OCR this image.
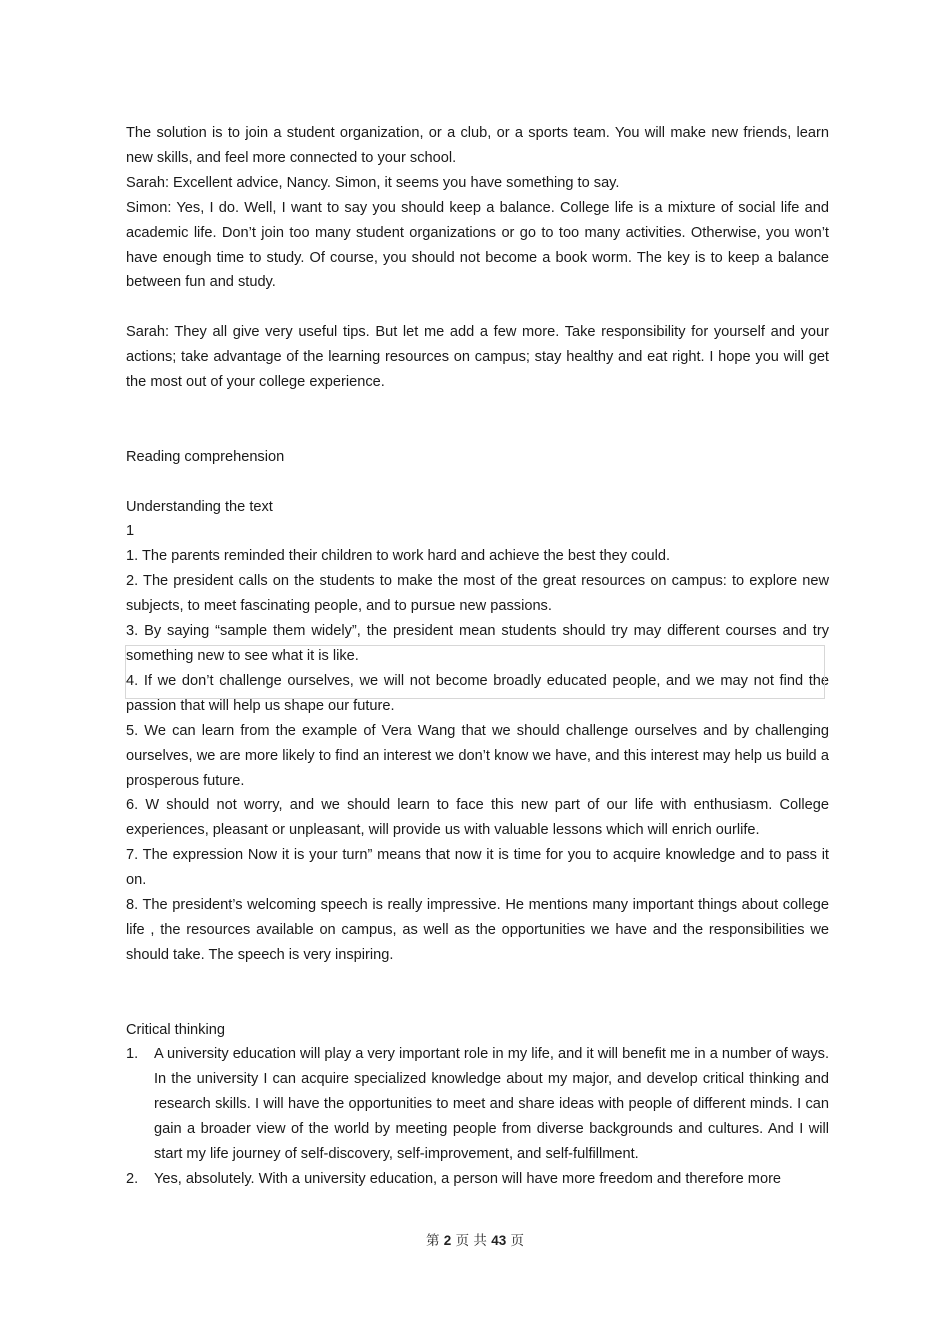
The solution is to join a student organization, or a club, or a sports team. You will make new friends, learn new skills, and feel more connected to your school.

Sarah: Excellent advice, Nancy. Simon, it seems you have something to say.

Simon: Yes, I do. Well, I want to say you should keep a balance. College life is a mixture of social life and academic life. Don’t join too many student organizations or go to too many activities. Otherwise, you won’t have enough time to study. Of course, you should not become a book worm. The key is to keep a balance between fun and study.

Sarah: They all give very useful tips. But let me add a few more. Take responsibility for yourself and your actions; take advantage of the learning resources on campus; stay healthy and eat right. I hope you will get the most out of your college experience.

Reading comprehension

Understanding the text

1

1. The parents reminded their children to work hard and achieve the best they could.

2. The president calls on the students to make the most of the great resources on campus: to explore new subjects, to meet fascinating people, and to pursue new passions.

3. By saying “sample them widely”, the president mean students should try may different courses and try something new to see what it is like.

4. If we don’t challenge ourselves, we will not become broadly educated people, and we may not find the passion that will help us shape our future.

5. We can learn from the example of Vera Wang that we should challenge ourselves and by challenging ourselves, we are more likely to find an interest we don’t know we have, and this interest may help us build a prosperous future.

6. W should not worry, and we should learn to face this new part of our life with enthusiasm. College experiences, pleasant or unpleasant, will provide us with valuable lessons which will enrich ourlife.

7. The expression Now it is your turn” means that now it is time for you to acquire knowledge and to pass it on.

8. The president’s welcoming speech is really impressive. He mentions many important things about college life , the resources available on campus, as well as the opportunities we have and the responsibilities we should take. The speech is very inspiring.

Critical thinking

1. A university education will play a very important role in my life, and it will benefit me in a number of ways. In the university I can acquire specialized knowledge about my major, and develop critical thinking and research skills. I will have the opportunities to meet and share ideas with people of different minds. I can gain a broader view of the world by meeting people from diverse backgrounds and cultures. And I will start my life journey of self-discovery, self-improvement, and self-fulfillment.
2. Yes, absolutely. With a university education, a person will have more freedom and therefore more
第 2 页 共 43 页
